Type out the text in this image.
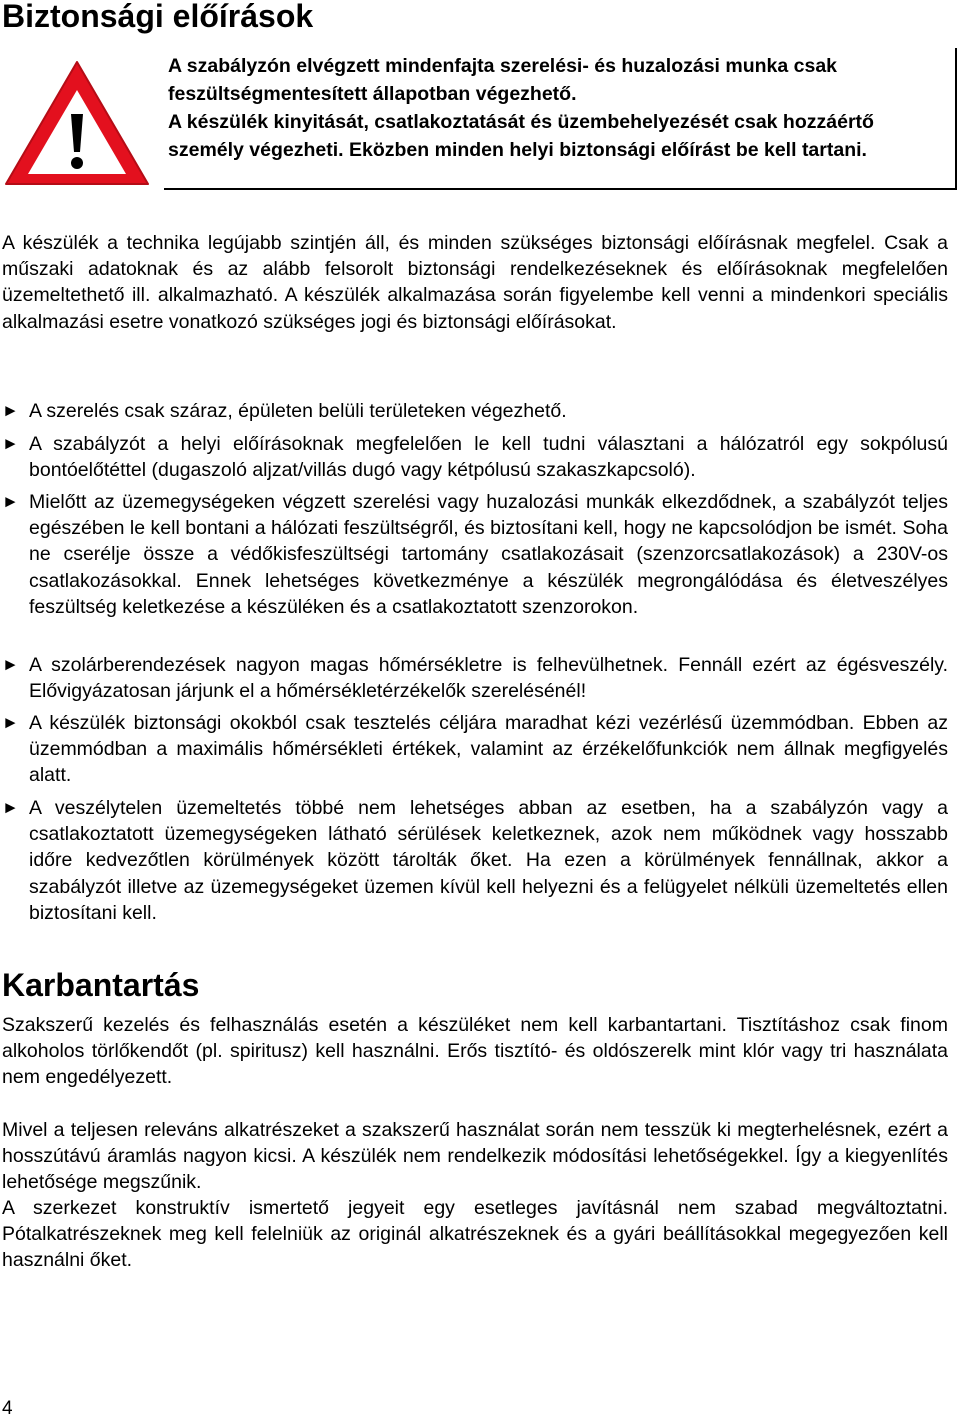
Biztonsági előírások

A szabályzón elvégzett mindenfajta szerelési- és huzalozási munka csak feszültségmentesített állapotban végezhető.

A készülék kinyitását, csatlakoztatását és üzembehelyezését csak hozzáértő személy végezheti. Eközben minden helyi biztonsági előírást be kell tartani.

A készülék a technika legújabb szintjén áll, és minden szükséges biztonsági előírásnak megfelel. Csak a műszaki adatoknak és az alább felsorolt biztonsági rendelkezéseknek és előírásoknak megfelelően üzemeltethető ill. alkalmazható. A készülék alkalmazása során figyelembe kell venni a mindenkori speciális alkalmazási esetre vonatkozó szükséges jogi és biztonsági előírásokat.

► A szerelés csak száraz, épületen belüli területeken végezhető.
► A szabályzót a helyi előírásoknak megfelelően le kell tudni választani a hálózatról egy sokpólusú bontóelőtéttel (dugaszoló aljzat/villás dugó vagy kétpólusú szakaszkapcsoló).
► Mielőtt az üzemegységeken végzett szerelési vagy huzalozási munkák elkezdődnek, a szabályzót teljes egészében le kell bontani a hálózati feszültségről, és biztosítani kell, hogy ne kapcsolódjon be ismét. Soha ne cserélje össze a védőkisfeszültségi tartomány csatlakozásait (szenzorcsatlakozások) a 230V-os csatlakozásokkal. Ennek lehetséges következménye a készülék megrongálódása és életveszélyes feszültség keletkezése a készüléken és a csatlakoztatott szenzorokon.
► A szolárberendezések nagyon magas hőmérsékletre is felhevülhetnek. Fennáll ezért az égésveszély. Elővigyázatosan járjunk el a hőmérsékletérzékelők szerelésénél!
► A készülék biztonsági okokból csak tesztelés céljára maradhat kézi vezérlésű üzemmódban. Ebben az üzemmódban a maximális hőmérsékleti értékek, valamint az érzékelőfunkciók nem állnak megfigyelés alatt.
► A veszélytelen üzemeltetés többé nem lehetséges abban az esetben, ha a szabályzón vagy a csatlakoztatott üzemegységeken látható sérülések keletkeznek, azok nem működnek vagy hosszabb időre kedvezőtlen körülmények között tárolták őket. Ha ezen a körülmények fennállnak, akkor a szabályzót illetve az üzemegységeket üzemen kívül kell helyezni és a felügyelet nélküli üzemeltetés ellen biztosítani kell.
Karbantartás

Szakszerű kezelés és felhasználás esetén a készüléket nem kell karbantartani. Tisztításhoz csak finom alkoholos törlőkendőt (pl. spiritusz) kell használni. Erős tisztító- és oldószerelk mint klór vagy tri használata nem engedélyezett.

Mivel a teljesen releváns alkatrészeket a szakszerű használat során nem tesszük ki megterhelésnek, ezért a hosszútávú áramlás nagyon kicsi. A készülék nem rendelkezik módosítási lehetőségekkel. Így a kiegyenlítés lehetősége megszűnik.

A szerkezet konstruktív ismertető jegyeit egy esetleges javításnál nem szabad megváltoztatni. Pótalkatrészeknek meg kell felelniük az originál alkatrészeknek és a gyári beállításokkal megegyezően kell használni őket.

4
